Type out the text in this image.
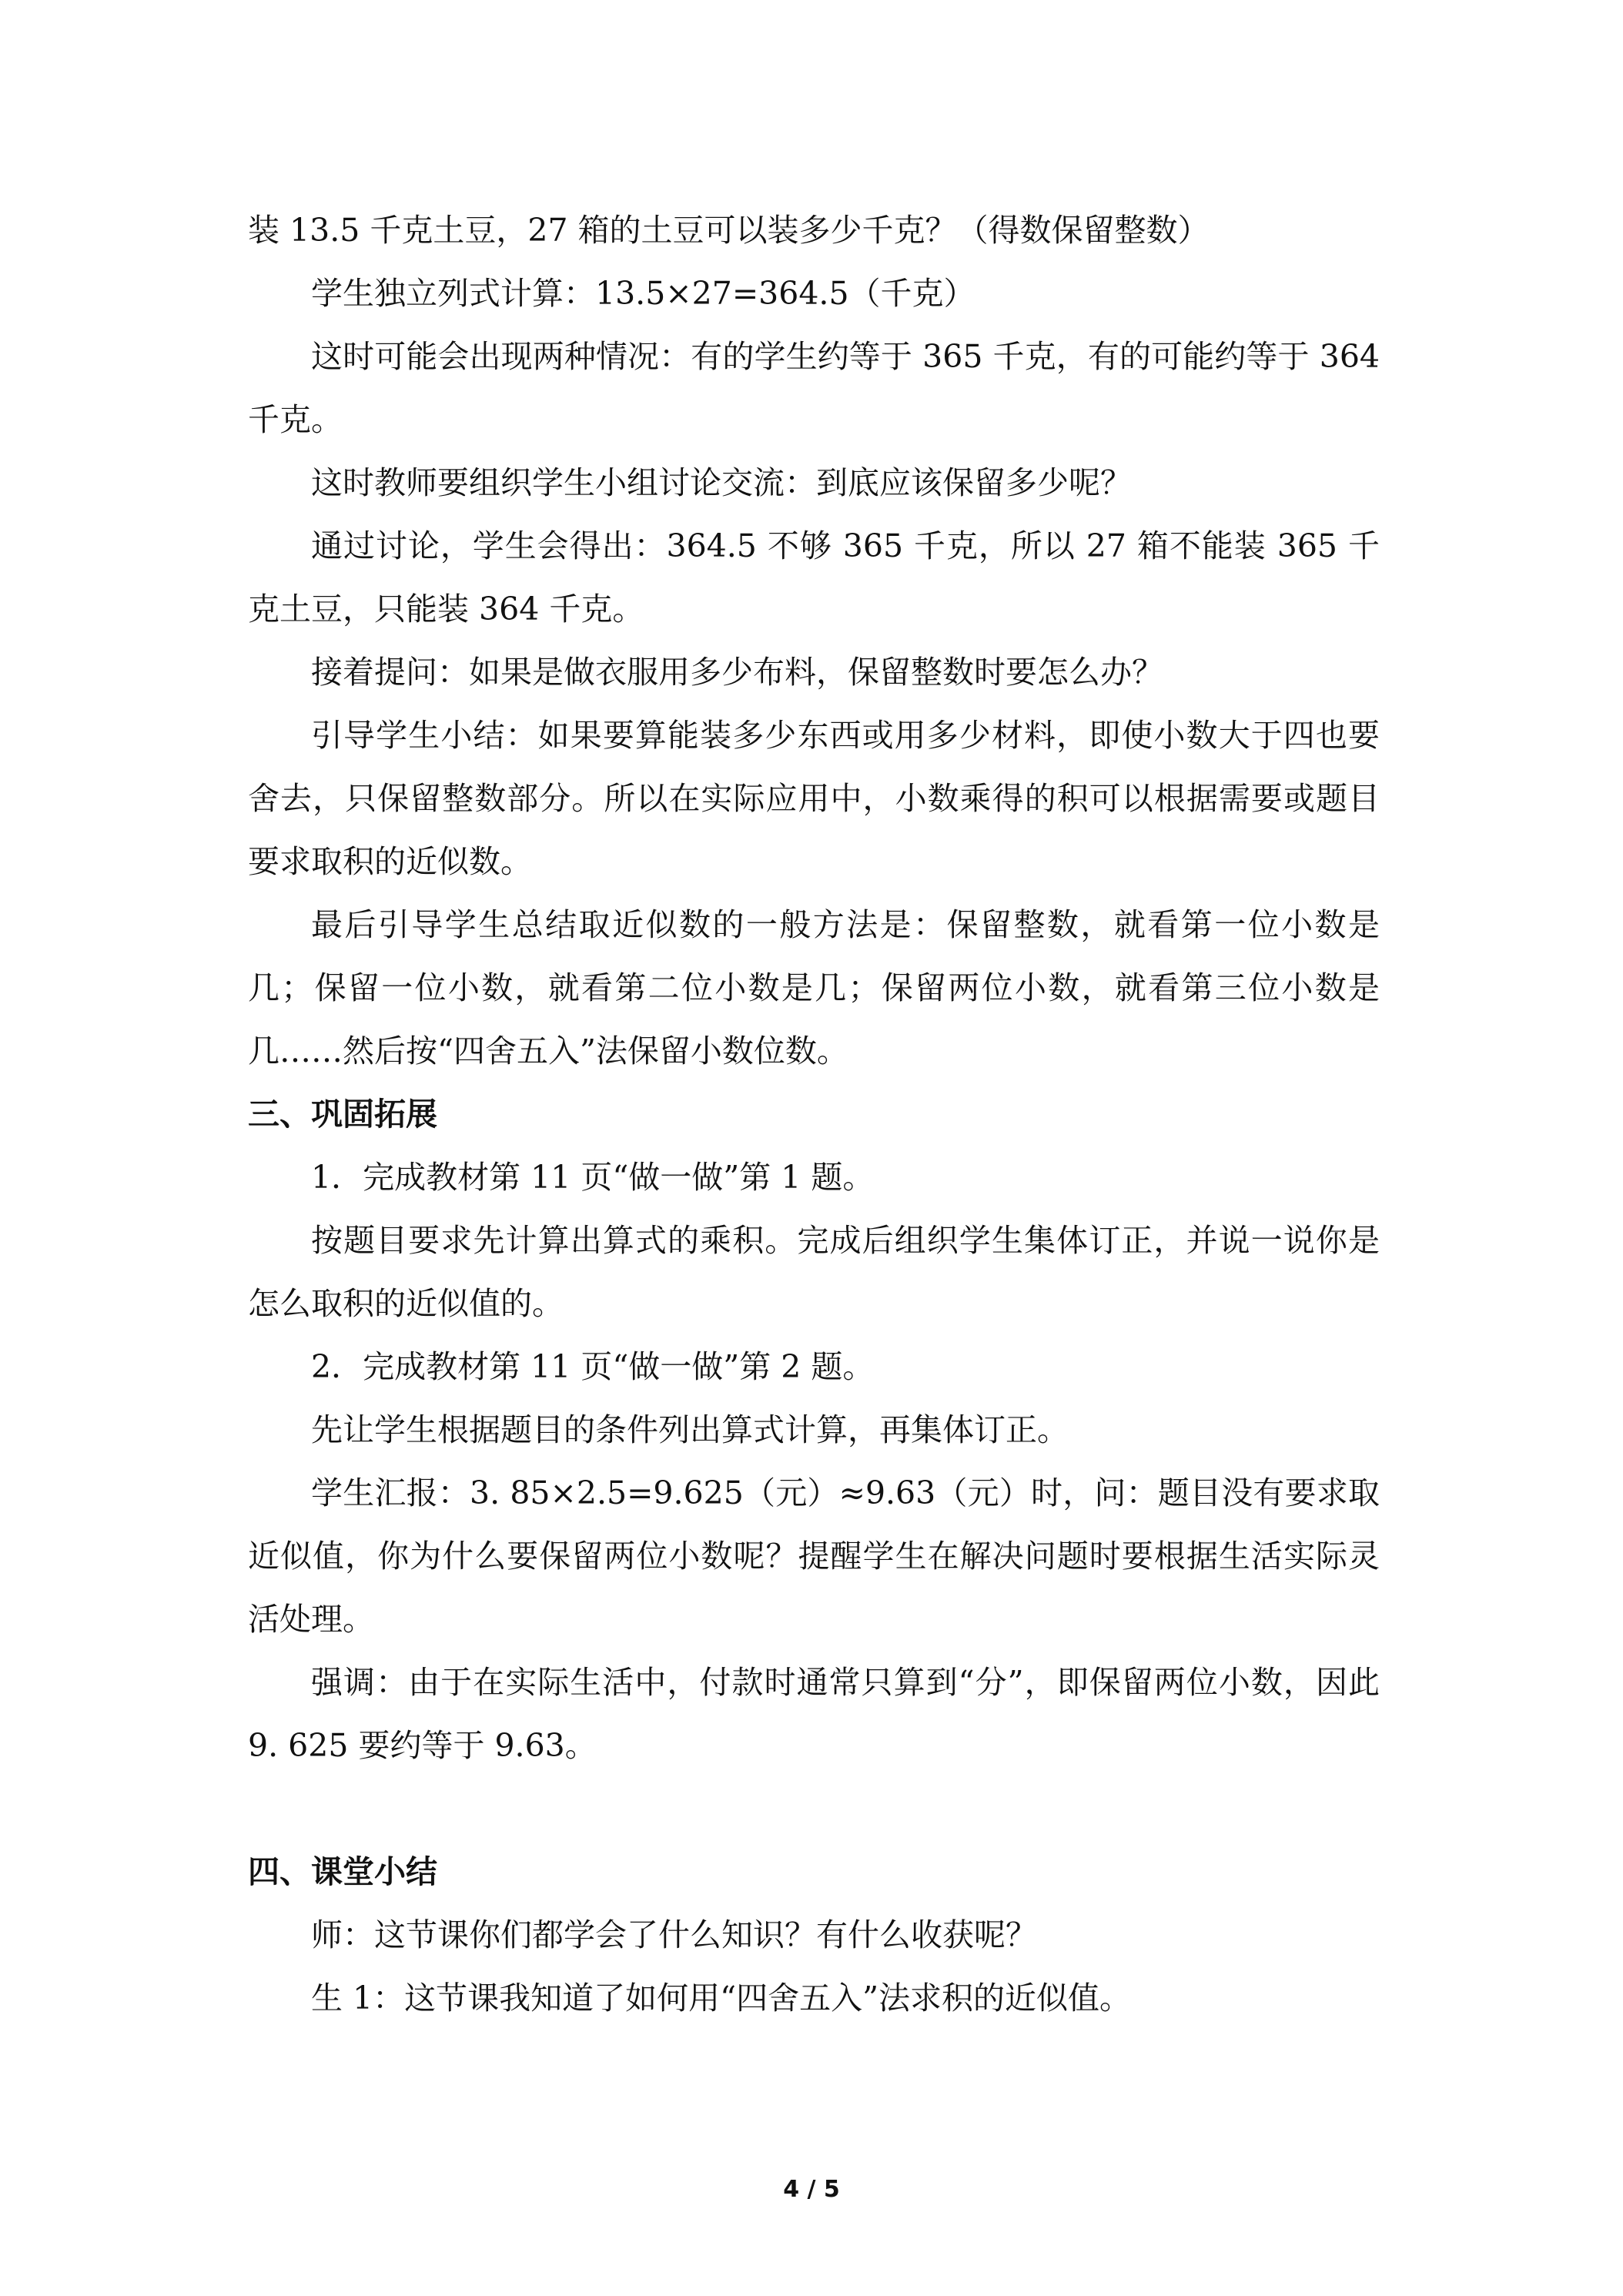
装 13.5 千克土豆，27 箱的土豆可以装多少千克？（得数保留整数）

学生独立列式计算：13.5×27=364.5（千克）

这时可能会出现两种情况：有的学生约等于 365 千克，有的可能约等于 364 千克。

这时教师要组织学生小组讨论交流：到底应该保留多少呢？

通过讨论，学生会得出：364.5 不够 365 千克，所以 27 箱不能装 365 千克土豆，只能装 364 千克。

接着提问：如果是做衣服用多少布料，保留整数时要怎么办？

引导学生小结：如果要算能装多少东西或用多少材料，即使小数大于四也要舍去，只保留整数部分。所以在实际应用中，小数乘得的积可以根据需要或题目要求取积的近似数。

最后引导学生总结取近似数的一般方法是：保留整数，就看第一位小数是几；保留一位小数，就看第二位小数是几；保留两位小数，就看第三位小数是几……然后按“四舍五入”法保留小数位数。

三、巩固拓展

1．完成教材第 11 页“做一做”第 1 题。

按题目要求先计算出算式的乘积。完成后组织学生集体订正，并说一说你是怎么取积的近似值的。

2．完成教材第 11 页“做一做”第 2 题。

先让学生根据题目的条件列出算式计算，再集体订正。

学生汇报：3. 85×2.5=9.625（元）≈9.63（元）时，问：题目没有要求取近似值，你为什么要保留两位小数呢？提醒学生在解决问题时要根据生活实际灵活处理。

强调：由于在实际生活中，付款时通常只算到“分”，即保留两位小数，因此 9. 625 要约等于 9.63。

四、课堂小结

师：这节课你们都学会了什么知识？有什么收获呢？

生 1：这节课我知道了如何用“四舍五入”法求积的近似值。

4 / 5
